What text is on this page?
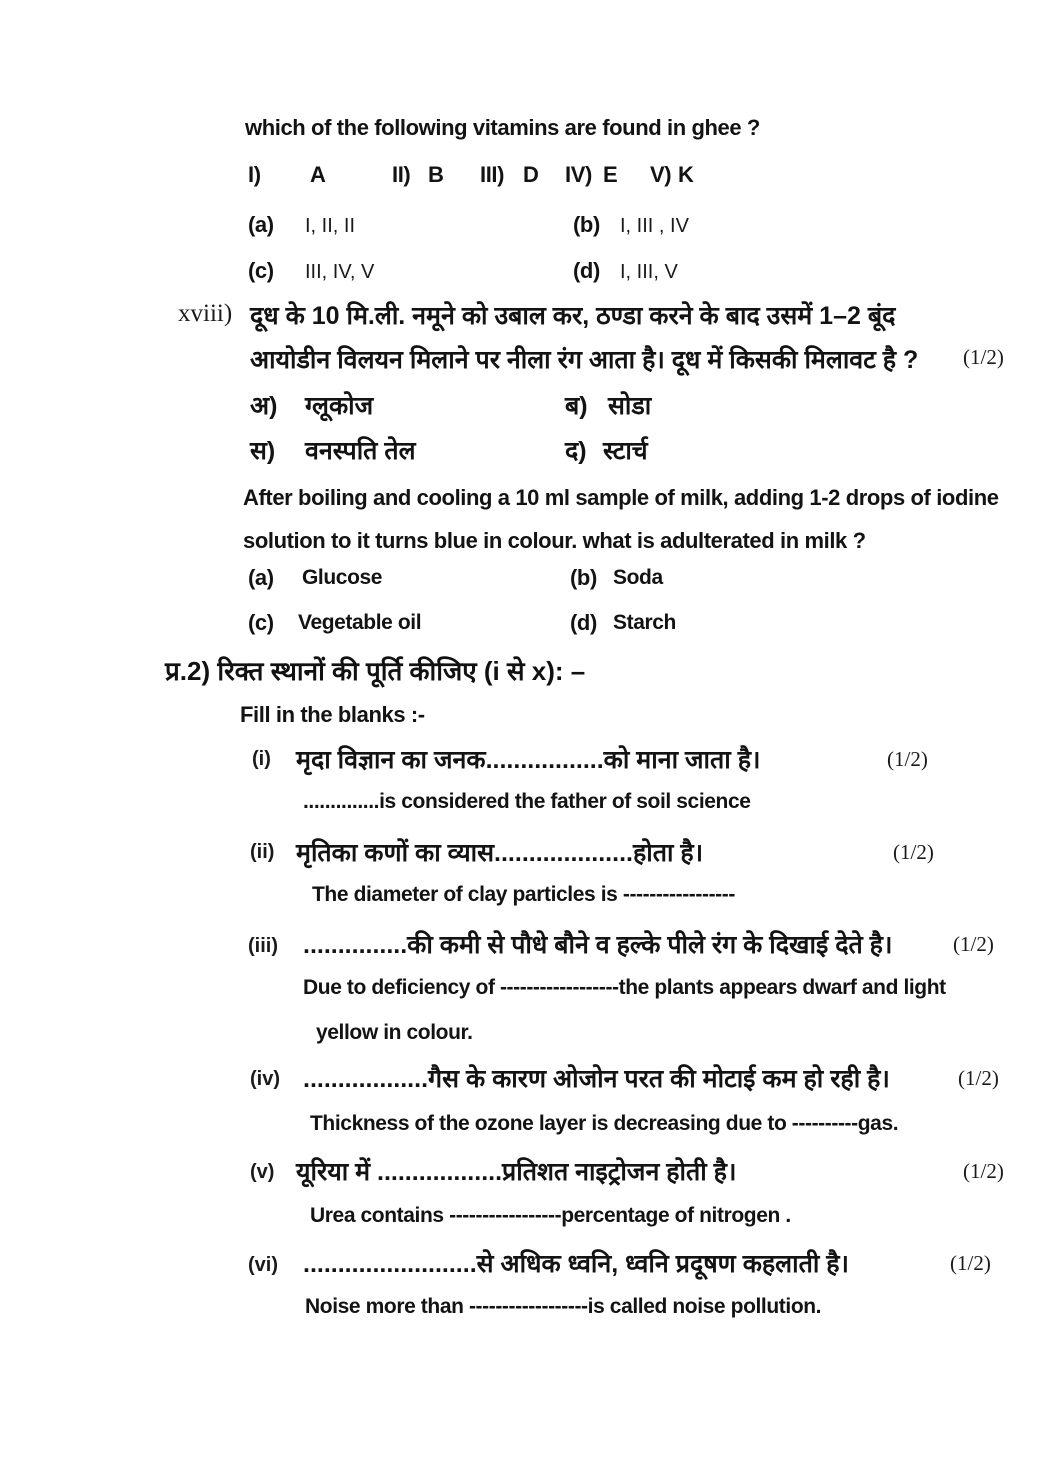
which of the following vitamins are found in ghee ?
I) A	II) B III) D IV) E V) K
(a) I, II, II	(b) I, III , IV
(c) III, IV, V	(d) I, III, V
xviii) दूध के 10 मि.ली. नमूने को उबाल कर, ठण्डा करने के बाद उसमें 1–2 बूंद
आयोडीन विलयन मिलाने पर नीला रंग आता है। दूध में किसकी मिलावट है ? (1/2)
अ) ग्लूकोज	ब) सोडा
स) वनस्पति तेल	द) स्टार्च
After boiling and cooling a 10 ml sample of milk, adding 1-2 drops of iodine
solution to it turns blue in colour. what is adulterated in milk ?
(a) Glucose	(b) Soda
(c) Vegetable oil	(d) Starch
प्र.2) रिक्त स्थानों की पूर्ति कीजिए (i से x): –
Fill in the blanks :-
(i) मृदा विज्ञान का जनक.................को माना जाता है।	(1/2)
..............is considered the father of soil science
(ii) मृतिका कणों का व्यास....................होता है।	(1/2)
The diameter of clay particles is -----------------
(iii) ...............की कमी से पौधे बौने व हल्के पीले रंग के दिखाई देते है।	(1/2)
Due to deficiency of ------------------the plants appears dwarf and light
yellow in colour.
(iv) ..................गैस के कारण ओजोन परत की मोटाई कम हो रही है।	(1/2)
Thickness of the ozone layer is decreasing due to ----------gas.
(v) यूरिया में ..................प्रतिशत नाइट्रोजन होती है।	(1/2)
Urea contains -----------------percentage of nitrogen .
(vi) .........................से अधिक ध्वनि, ध्वनि प्रदूषण कहलाती है।	(1/2)
Noise more than ------------------is called noise pollution.
